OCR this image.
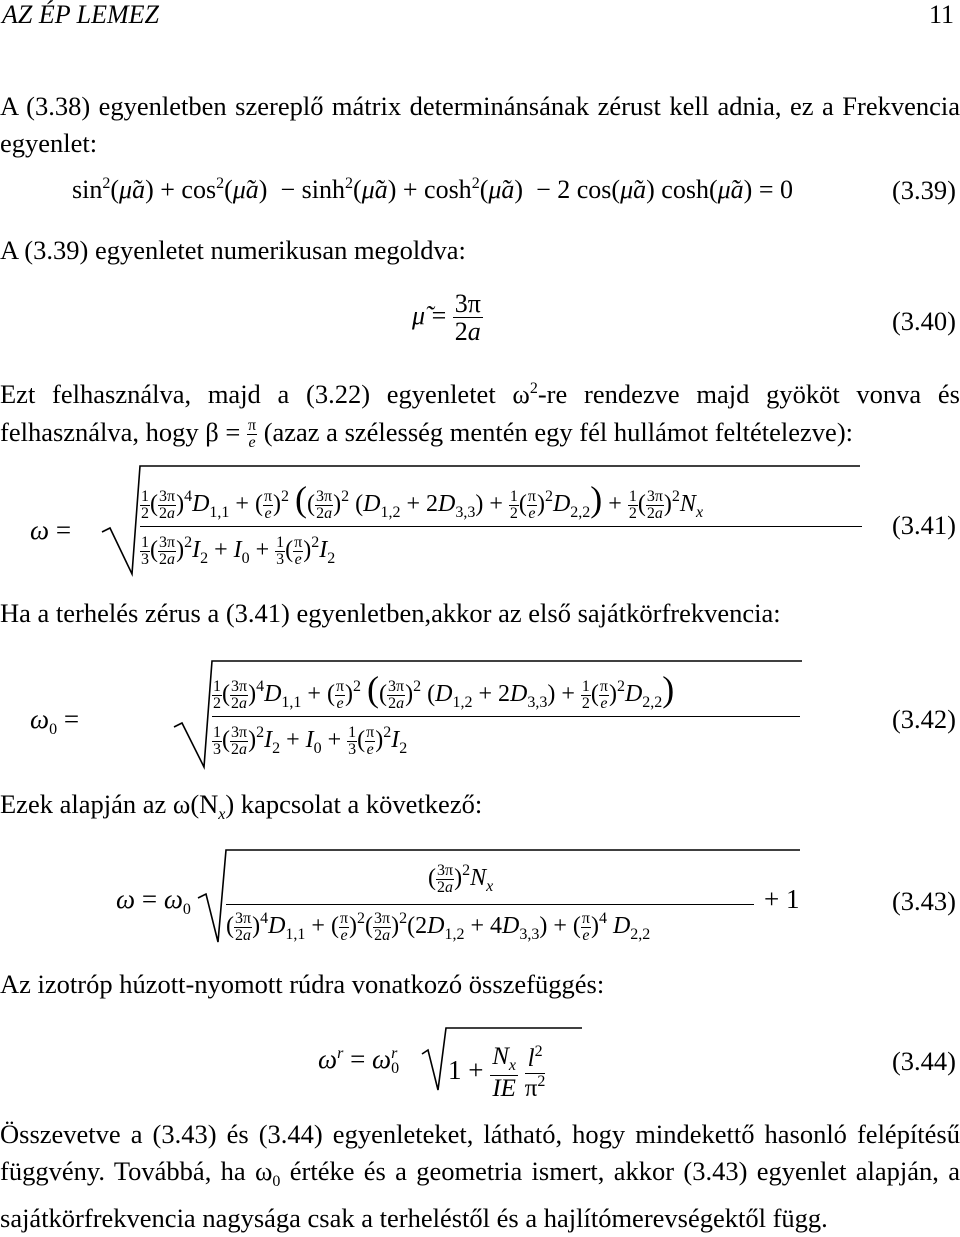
AZ ÉP LEMEZ	11
A (3.38) egyenletben szereplő mátrix determinánsának zérust kell adnia, ez a Frekvencia egyenlet:
$\sin^2(\mũa)$ + $\cos^2(\mũa)$  − $\sinh^2(\mũa)$ + $\cosh^2(\mũa) - 2$ cos(μ̃a) cosh(μ̃a) = 0	(3.39)
A (3.39) egyenletet numerikusan megoldva:
μ̃ = $\frac{3\pi}{2a}$	(3.40)
Ezt felhasználva, majd a (3.22) egyenletet $\omega^2-re$ rendezve majd gyököt vonva és felhasználva, hogy $\beta = \frac{\pi}{e}$ (azaz a szélesség mentén egy fél hullámot feltételezve):
ω =
$\frac{1}{2}$ ( $\frac{3\pi}{2a} )^4D_{1,1}$ + ( $\frac{\pi}{e} )^2$ (( $\frac{3\pi}{2a} )^2$ $(D_{1,2} + 2D_{3,3}) + \frac{1}{2}$ ( $\frac{\pi}{e} )^2D_{2,2}) + \frac{1}{2}$ ( $\frac{3\pi}{2a} )^2N_x$
$\frac{1}{3}$ ( $\frac{3\pi}{2a} )^2I_2 + I_0 + \frac{1}{3}$ ( $\frac{\pi}{e} )^2I_2$
(3.41)
Ha a terhelés zérus a (3.41) egyenletben,akkor az első sajátkörfrekvencia:
$\omega_0$ =
$\frac{1}{2}$ ( $\frac{3\pi}{2a} )^4D_{1,1}$ + ( $\frac{\pi}{e} )^2$ (( $\frac{3\pi}{2a} )^2$ $(D_{1,2} + 2D_{3,3}) + \frac{1}{2}$ ( $\frac{\pi}{e} )^2D_{2,2}$)
$\frac{1}{3}$ ( $\frac{3\pi}{2a} )^2I_2 + I_0 + \frac{1}{3}$ ( $\frac{\pi}{e} )^2I_2$
(3.42)
Ezek alapján az $\omega(N_x)$ kapcsolat a következő:
$\omega = \omega_0$
( $\frac{3\pi}{2a} )^2N_x$
( $\frac{3\pi}{2a} )^4D_{1,1}$ + ( $\frac{\pi}{e} )^2( \frac{3\pi}{2a} )^2(2D_{1,2} + 4D_{3,3})$ + ( $\frac{\pi}{e} )^4$ $D_{2,2}$
+ 1	(3.43)
Az izotróp húzott-nyomott rúdra vonatkozó összefüggés:
$\omega^r = \omega$ r
0 $1 + \frac{N_x}{IE}$
$\frac{l^2}{\pi^2}$	(3.44)
Összevetve a (3.43) és (3.44) egyenleteket, látható, hogy mindekettő hasonló felépítésű függvény. Továbbá, ha $\omega_0$ értéke és a geometria ismert, akkor (3.43) egyenlet alapján, a sajátkörfrekvencia nagysága csak a terheléstől és a hajlítómerevségektől függ.
